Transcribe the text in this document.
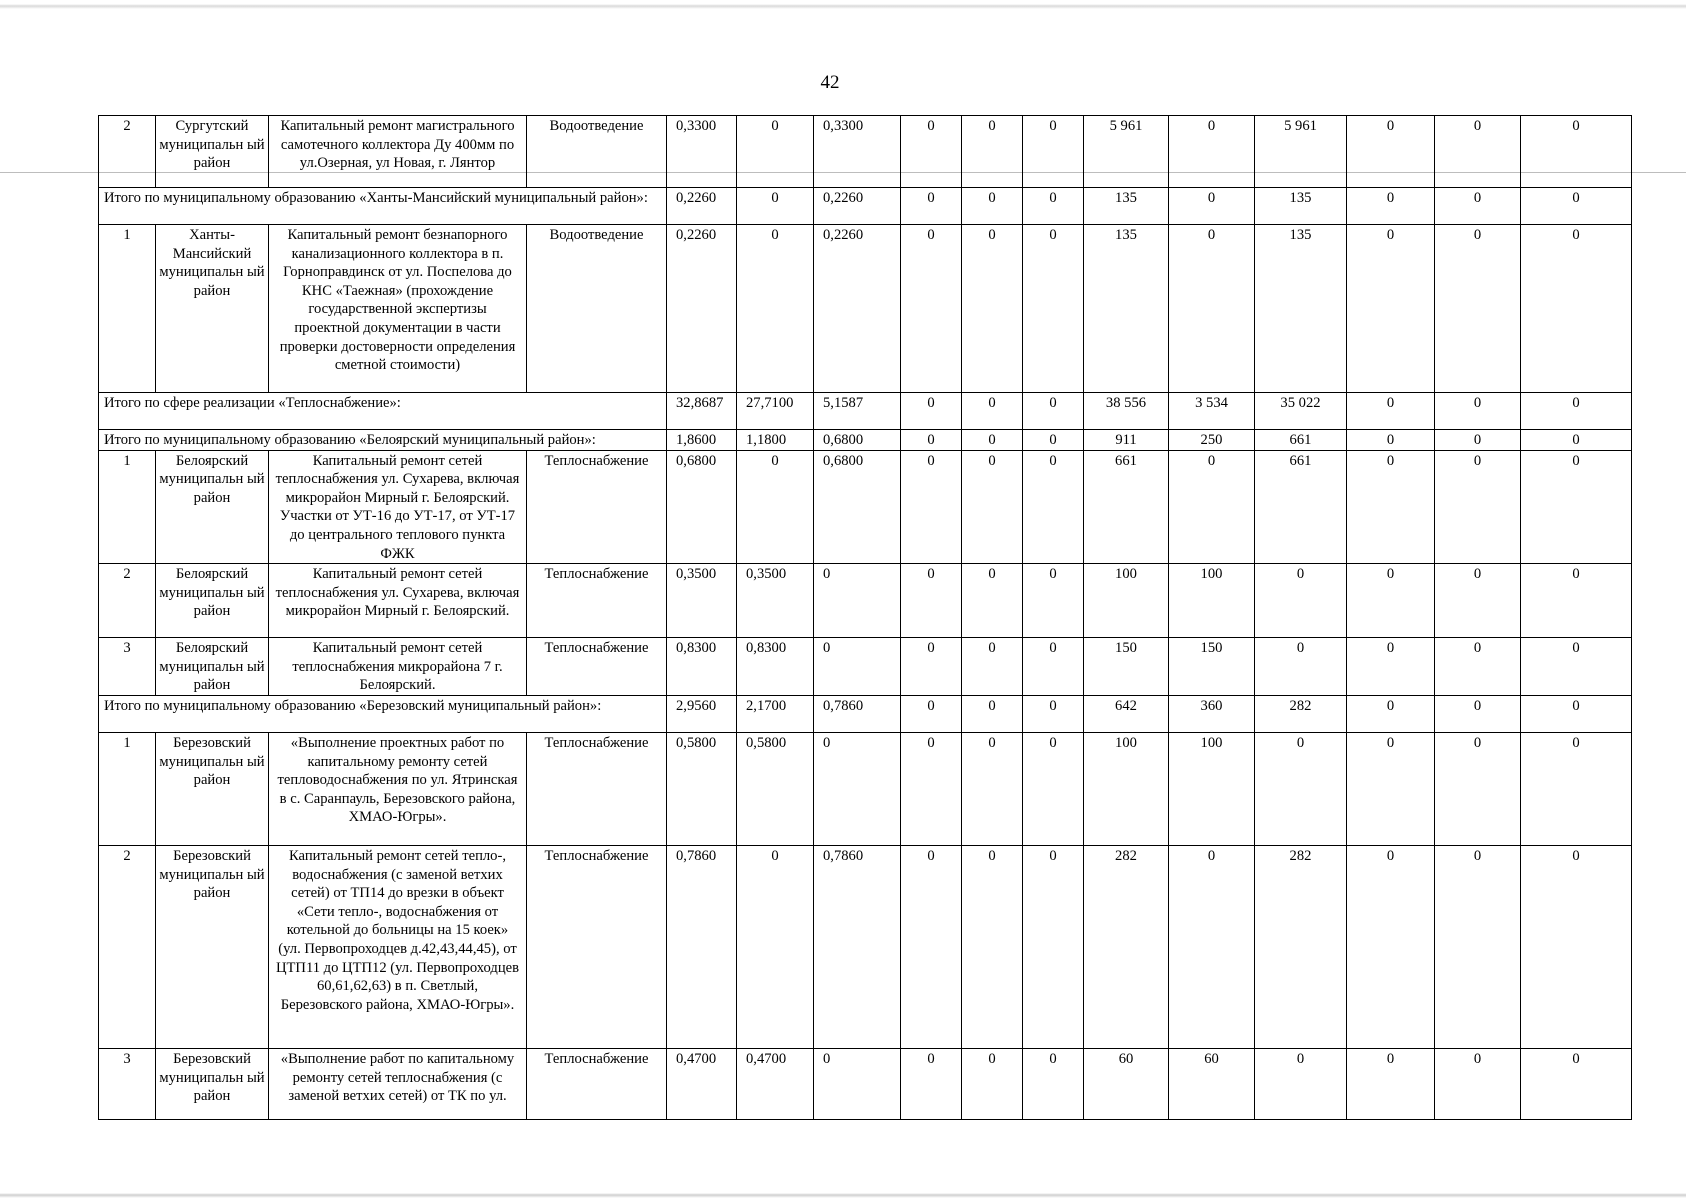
42
2	Сургутский муниципальн ый район	Капитальный ремонт магистрального самотечного коллектора Ду 400мм по ул.Озерная, ул Новая, г. Лянтор	Водоотведение	0,3300	0	0,3300	0	0	0	5 961	0	5 961	0	0	0
Итого по муниципальному образованию «Ханты-Мансийский муниципальный район»:				0,2260	0	0,2260	0	0	0	135	0	135	0	0	0
1	Ханты-Мансийский муниципальн ый район	Капитальный ремонт безнапорного канализационного коллектора в п. Горноправдинск от ул. Поспелова до КНС «Таежная» (прохождение государственной экспертизы проектной документации в части проверки достоверности определения сметной стоимости)	Водоотведение	0,2260	0	0,2260	0	0	0	135	0	135	0	0	0
Итого по сфере реализации «Теплоснабжение»:				32,8687	27,7100	5,1587	0	0	0	38 556	3 534	35 022	0	0	0
Итого по муниципальному образованию «Белоярский муниципальный район»:				1,8600	1,1800	0,6800	0	0	0	911	250	661	0	0	0
1	Белоярский муниципальн ый район	Капитальный ремонт сетей теплоснабжения ул. Сухарева, включая микрорайон Мирный г. Белоярский. Участки от УТ-16 до УТ-17, от УТ-17 до центрального теплового пункта ФЖК	Теплоснабжение	0,6800	0	0,6800	0	0	0	661	0	661	0	0	0
2	Белоярский муниципальн ый район	Капитальный ремонт сетей теплоснабжения ул. Сухарева, включая микрорайон Мирный г. Белоярский.	Теплоснабжение	0,3500	0,3500	0	0	0	0	100	100	0	0	0	0
3	Белоярский муниципальн ый район	Капитальный ремонт сетей теплоснабжения микрорайона 7 г. Белоярский.	Теплоснабжение	0,8300	0,8300	0	0	0	0	150	150	0	0	0	0
Итого по муниципальному образованию «Березовский муниципальный район»:				2,9560	2,1700	0,7860	0	0	0	642	360	282	0	0	0
1	Березовский муниципальн ый район	«Выполнение проектных работ по капитальному ремонту сетей тепловодоснабжения по ул. Ятринская в с. Саранпауль, Березовского района, ХМАО-Югры».	Теплоснабжение	0,5800	0,5800	0	0	0	0	100	100	0	0	0	0
2	Березовский муниципальн ый район	Капитальный ремонт сетей тепло-, водоснабжения (с заменой ветхих сетей) от ТП14 до врезки в объект «Сети тепло-, водоснабжения от котельной до больницы на 15 коек» (ул. Первопроходцев д.42,43,44,45), от ЦТП11 до ЦТП12 (ул. Первопроходцев 60,61,62,63) в п. Светлый, Березовского района, ХМАО-Югры».	Теплоснабжение	0,7860	0	0,7860	0	0	0	282	0	282	0	0	0
3	Березовский муниципальн ый район	«Выполнение работ по капитальному ремонту сетей теплоснабжения (с заменой ветхих сетей) от ТК по ул.	Теплоснабжение	0,4700	0,4700	0	0	0	0	60	60	0	0	0	0
